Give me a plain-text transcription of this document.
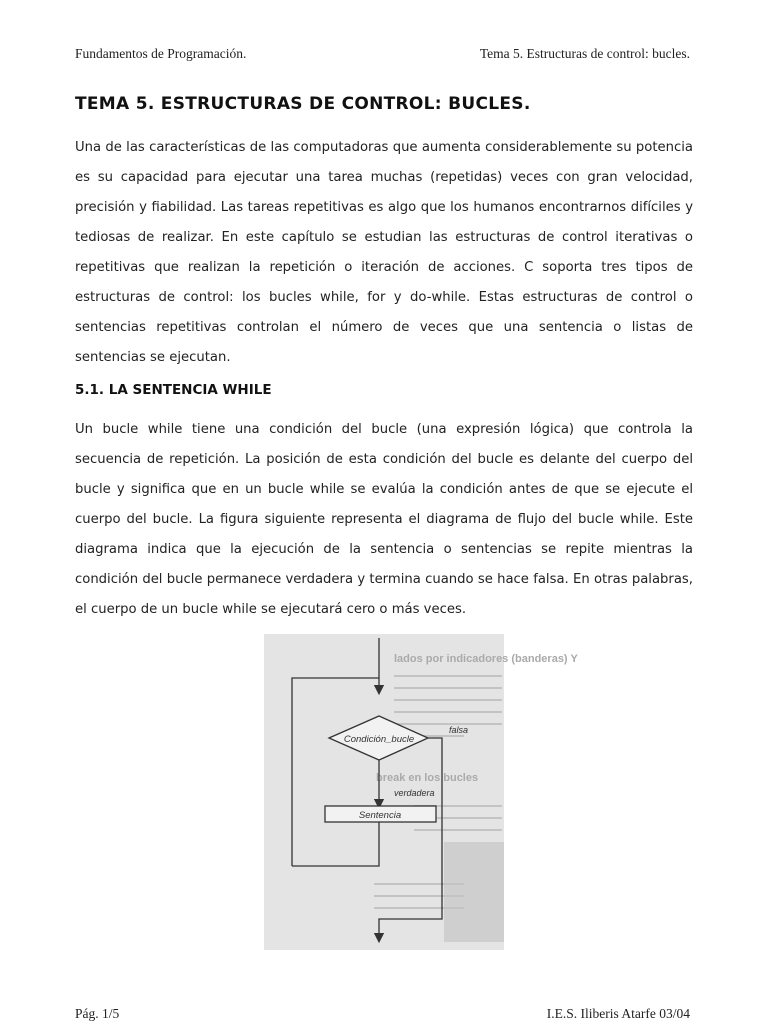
Fundamentos de Programación.	Tema 5. Estructuras de control: bucles.
TEMA 5. ESTRUCTURAS DE CONTROL: BUCLES.

Una de las características de las computadoras que aumenta considerablemente su potencia es su capacidad para ejecutar una tarea muchas (repetidas) veces con gran velocidad, precisión y fiabilidad. Las tareas repetitivas es algo que los humanos encontrarnos difíciles y tediosas de realizar. En este capítulo se estudian las estructuras de control iterativas o repetitivas que realizan la repetición o iteración de acciones. C soporta tres tipos de estructuras de control: los bucles while, for y do-while. Estas estructuras de control o sentencias repetitivas controlan el número de veces que una sentencia o listas de sentencias se ejecutan.

5.1. LA SENTENCIA WHILE

Un bucle while tiene una condición del bucle (una expresión lógica) que controla la secuencia de repetición. La posición de esta condición del bucle es delante del cuerpo del bucle y significa que en un bucle while se evalúa la condición antes de que se ejecute el cuerpo del bucle. La figura siguiente representa el diagrama de flujo del bucle while. Este diagrama indica que la ejecución de la sentencia o sentencias se repite mientras la condición del bucle permanece verdadera y termina cuando se hace falsa. En otras palabras, el cuerpo de un bucle while se ejecutará cero o más veces.

lados por indicadores (banderas) Y
break en los bucles
Condición_bucle
falsa
verdadera
Sentencia
Pág. 1/5	I.E.S. Iliberis Atarfe 03/04
